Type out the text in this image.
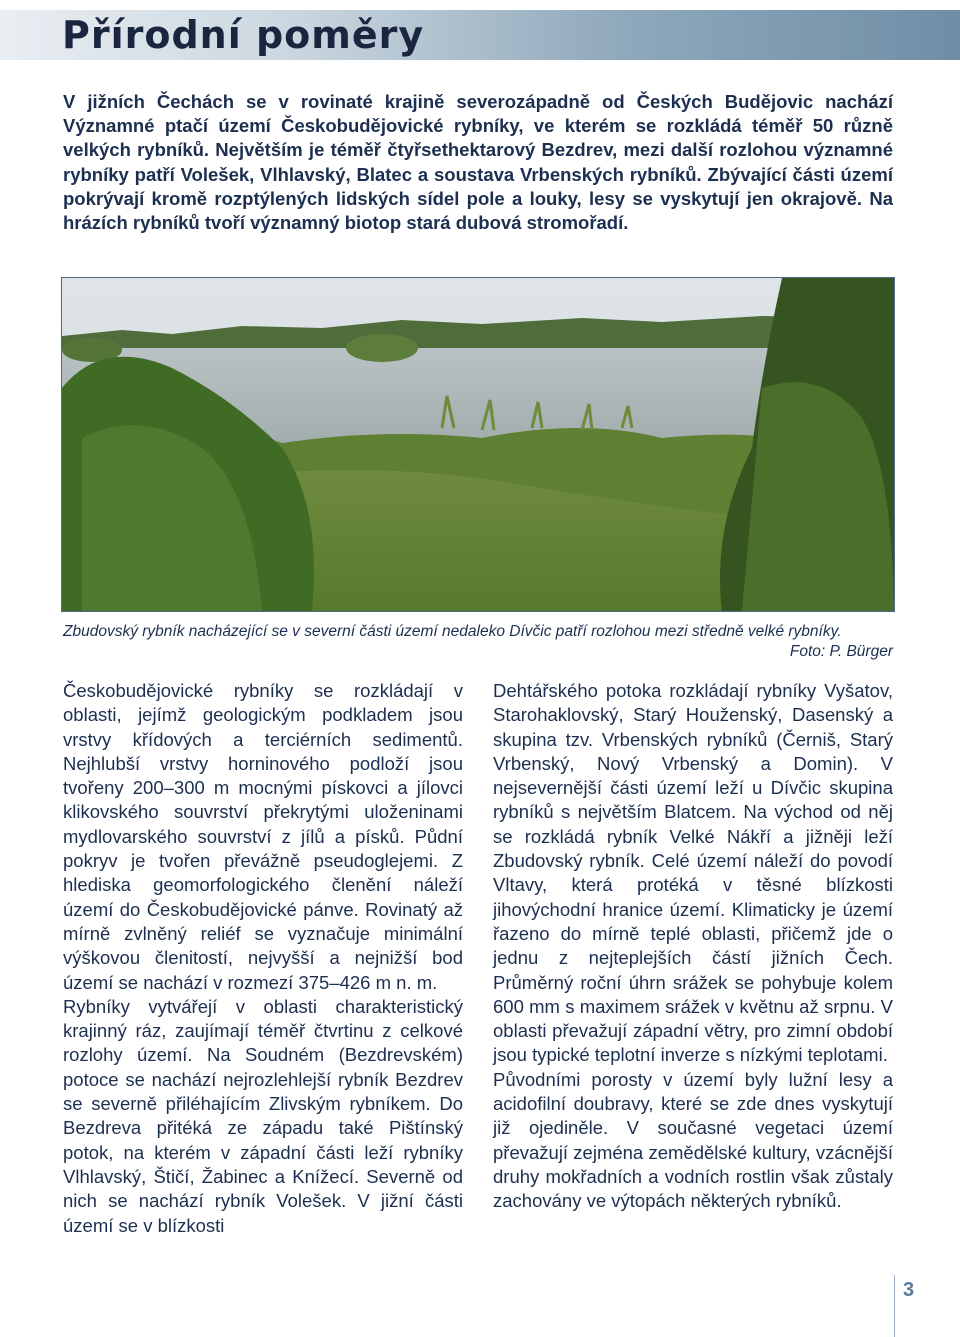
Přírodní poměry

V jižních Čechách se v rovinaté krajině severozápadně od Českých Budějovic nachází Významné ptačí území Českobudějovické rybníky, ve kterém se rozkládá téměř 50 různě velkých rybníků. Největším je téměř čtyřsethektarový Bezdrev, mezi další rozlohou významné rybníky patří Volešek, Vlhlavský, Blatec a soustava Vrbenských rybníků. Zbývající části území pokrývají kromě rozptýlených lidských sídel pole a louky, lesy se vyskytují jen okrajově. Na hrázích rybníků tvoří významný biotop stará dubová stromořadí.

Zbudovský rybník nacházející se v severní části území nedaleko Dívčic patří rozlohou mezi středně velké rybníky.
Foto: P. Bürger

Českobudějovické rybníky se rozkládají v oblasti, jejímž geologickým podkladem jsou vrstvy křídových a terciérních sedimentů. Nejhlubší vrstvy horninového podloží jsou tvořeny 200–300 m mocnými pískovci a jílovci klikovského souvrství překrytými uloženinami mydlovarského souvrství z jílů a písků. Půdní pokryv je tvořen převážně pseudoglejemi. Z hlediska geomorfologického členění náleží území do Českobudějovické pánve. Rovinatý až mírně zvlněný reliéf se vyznačuje minimální výškovou členitostí, nejvyšší a nejnižší bod území se nachází v rozmezí 375–426 m n. m.

Rybníky vytvářejí v oblasti charakteristický krajinný ráz, zaujímají téměř čtvrtinu z celkové rozlohy území. Na Soudném (Bezdrevském) potoce se nachází nejrozlehlejší rybník Bezdrev se severně přiléhajícím Zlivským rybníkem. Do Bezdreva přitéká ze západu také Pištínský potok, na kterém v západní části leží rybníky Vlhlavský, Štičí, Žabinec a Knížecí. Severně od nich se nachází rybník Volešek. V jižní části území se v blízkosti

Dehtářského potoka rozkládají rybníky Vyšatov, Starohaklovský, Starý Houženský, Dasenský a skupina tzv. Vrbenských rybníků (Černiš, Starý Vrbenský, Nový Vrbenský a Domin). V nejsevernější části území leží u Dívčic skupina rybníků s největším Blatcem. Na východ od něj se rozkládá rybník Velké Nákří a jižněji leží Zbudovský rybník. Celé území náleží do povodí Vltavy, která protéká v těsné blízkosti jihovýchodní hranice území. Klimaticky je území řazeno do mírně teplé oblasti, přičemž jde o jednu z nejteplejších částí jižních Čech. Průměrný roční úhrn srážek se pohybuje kolem 600 mm s maximem srážek v květnu až srpnu. V oblasti převažují západní větry, pro zimní období jsou typické teplotní inverze s nízkými teplotami.

Původními porosty v území byly lužní lesy a acidofilní doubravy, které se zde dnes vyskytují již ojediněle. V současné vegetaci území převažují zejména zemědělské kultury, vzácnější druhy mokřadních a vodních rostlin však zůstaly zachovány ve výtopách některých rybníků.

3
